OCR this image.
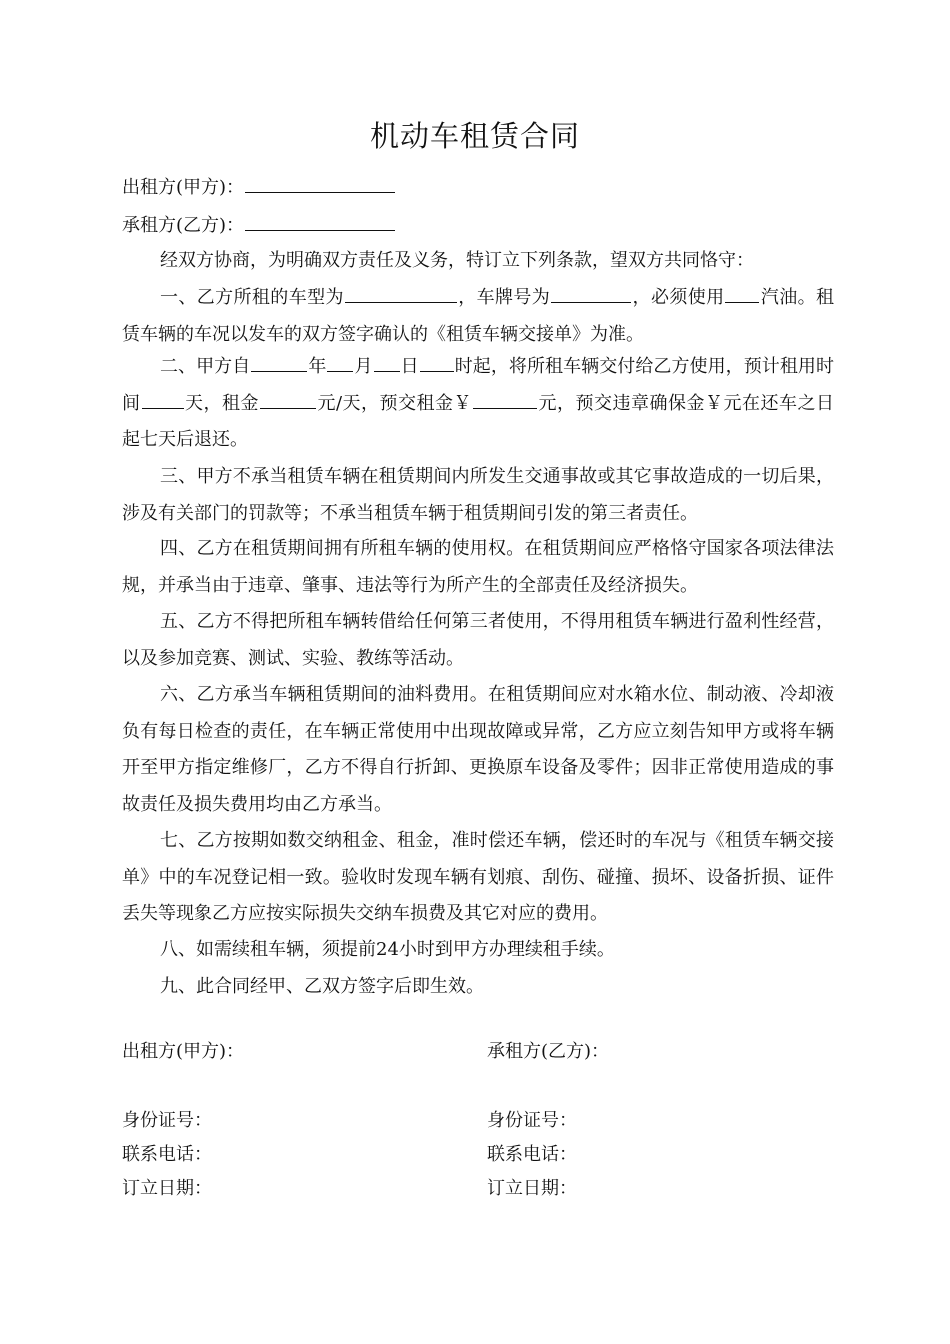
机动车租赁合同
出租方(甲方)：
承租方(乙方)：

经双方协商，为明确双方责任及义务，特订立下列条款，望双方共同恪守：

一、乙方所租的车型为	，车牌号为	，必须使用 汽油。租赁车辆的车况以发车的双方签字确认的《租赁车辆交接单》为准。

二、甲方自	年 月 日 时起，将所租车辆交付给乙方使用，预计租用时间 天，租金	元/天，预交租金￥	元，预交违章确保金￥元在还车之日起七天后退还。

三、甲方不承当租赁车辆在租赁期间内所发生交通事故或其它事故造成的一切后果，涉及有关部门的罚款等；不承当租赁车辆于租赁期间引发的第三者责任。

四、乙方在租赁期间拥有所租车辆的使用权。在租赁期间应严格恪守国家各项法律法规，并承当由于违章、肇事、违法等行为所产生的全部责任及经济损失。

五、乙方不得把所租车辆转借给任何第三者使用，不得用租赁车辆进行盈利性经营，以及参加竞赛、测试、实验、教练等活动。

六、乙方承当车辆租赁期间的油料费用。在租赁期间应对水箱水位、制动液、冷却液负有每日检查的责任，在车辆正常使用中出现故障或异常，乙方应立刻告知甲方或将车辆开至甲方指定维修厂，乙方不得自行折卸、更换原车设备及零件；因非正常使用造成的事故责任及损失费用均由乙方承当。

七、乙方按期如数交纳租金、租金，准时偿还车辆，偿还时的车况与《租赁车辆交接单》中的车况登记相一致。验收时发现车辆有划痕、刮伤、碰撞、损坏、设备折损、证件丢失等现象乙方应按实际损失交纳车损费及其它对应的费用。

八、如需续租车辆，须提前24小时到甲方办理续租手续。

九、此合同经甲、乙双方签字后即生效。

出租方(甲方)：	承租方(乙方)：
身份证号：	身份证号：
联系电话：	联系电话：
订立日期：	订立日期：
